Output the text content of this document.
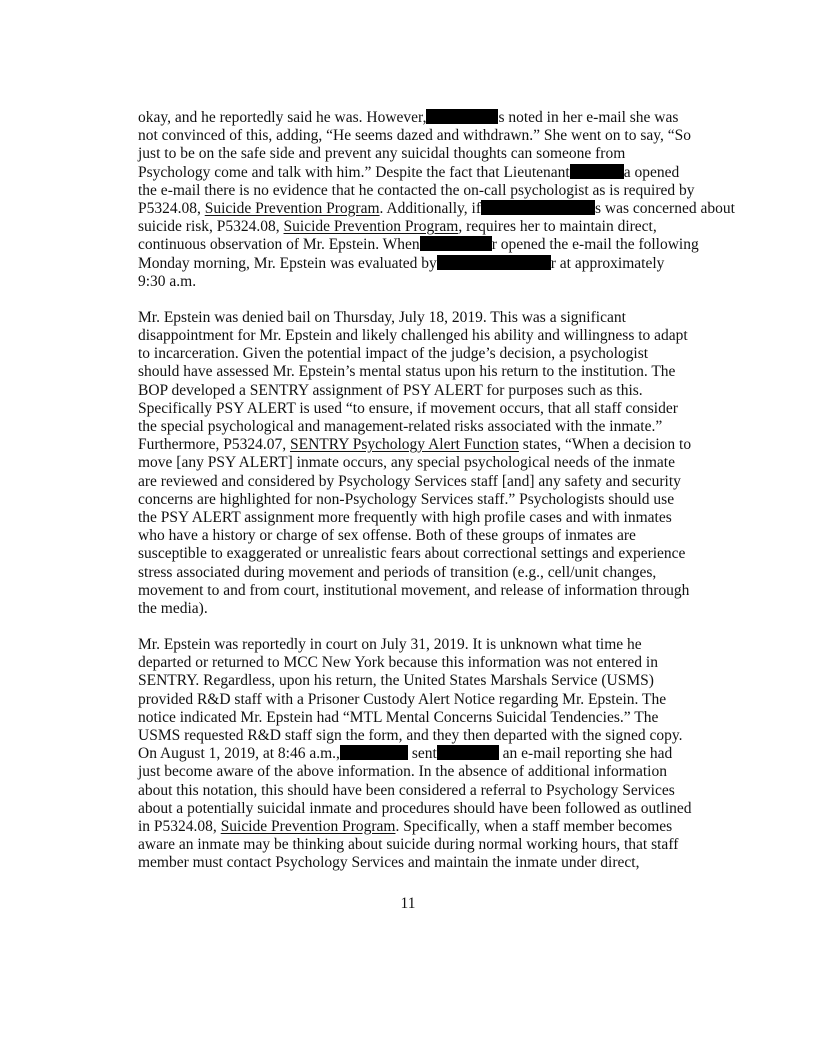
okay, and he reportedly said he was. However,	s noted in her e-mail she was
not convinced of this, adding, “He seems dazed and withdrawn.” She went on to say, “So
just to be on the safe side and prevent any suicidal thoughts can someone from
Psychology come and talk with him.” Despite the fact that Lieutenant	a opened
the e-mail there is no evidence that he contacted the on-call psychologist as is required by
P5324.08, Suicide Prevention Program. Additionally, if	s was concerned about
suicide risk, P5324.08, Suicide Prevention Program, requires her to maintain direct,
continuous observation of Mr. Epstein. When	r opened the e-mail the following
Monday morning, Mr. Epstein was evaluated by	r at approximately
9:30 a.m.

Mr. Epstein was denied bail on Thursday, July 18, 2019. This was a significant
disappointment for Mr. Epstein and likely challenged his ability and willingness to adapt
to incarceration. Given the potential impact of the judge’s decision, a psychologist
should have assessed Mr. Epstein’s mental status upon his return to the institution. The
BOP developed a SENTRY assignment of PSY ALERT for purposes such as this.
Specifically PSY ALERT is used “to ensure, if movement occurs, that all staff consider
the special psychological and management-related risks associated with the inmate.”
Furthermore, P5324.07, SENTRY Psychology Alert Function states, “When a decision to
move [any PSY ALERT] inmate occurs, any special psychological needs of the inmate
are reviewed and considered by Psychology Services staff [and] any safety and security
concerns are highlighted for non-Psychology Services staff.” Psychologists should use
the PSY ALERT assignment more frequently with high profile cases and with inmates
who have a history or charge of sex offense. Both of these groups of inmates are
susceptible to exaggerated or unrealistic fears about correctional settings and experience
stress associated during movement and periods of transition (e.g., cell/unit changes,
movement to and from court, institutional movement, and release of information through
the media).

Mr. Epstein was reportedly in court on July 31, 2019. It is unknown what time he
departed or returned to MCC New York because this information was not entered in
SENTRY. Regardless, upon his return, the United States Marshals Service (USMS)
provided R&D staff with a Prisoner Custody Alert Notice regarding Mr. Epstein. The
notice indicated Mr. Epstein had “MTL Mental Concerns Suicidal Tendencies.” The
USMS requested R&D staff sign the form, and they then departed with the signed copy.
On August 1, 2019, at 8:46 a.m.,	sent	an e-mail reporting she had
just become aware of the above information. In the absence of additional information
about this notation, this should have been considered a referral to Psychology Services
about a potentially suicidal inmate and procedures should have been followed as outlined
in P5324.08, Suicide Prevention Program. Specifically, when a staff member becomes
aware an inmate may be thinking about suicide during normal working hours, that staff
member must contact Psychology Services and maintain the inmate under direct,

11
